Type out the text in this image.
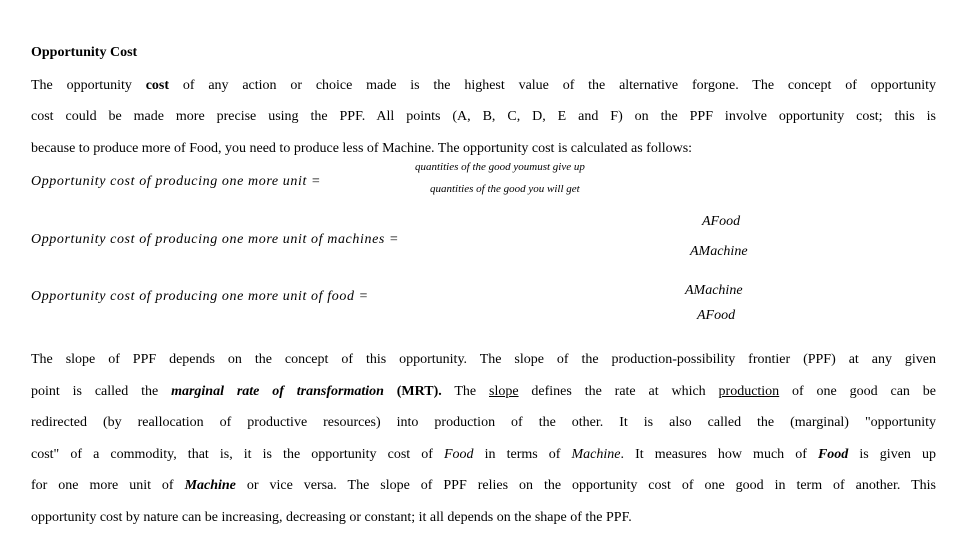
Opportunity Cost
The opportunity cost of any action or choice made is the highest value of the alternative forgone. The concept of opportunity
cost could be made more precise using the PPF. All points (A, B, C, D, E and F) on the PPF involve opportunity cost; this is
because to produce more of Food, you need to produce less of Machine. The opportunity cost is calculated as follows:
Opportunity cost of producing one more unit =
quantities of the good youmust give up
quantities of the good you will get
Opportunity cost of producing one more unit of machines =
AFood
AMachine
Opportunity cost of producing one more unit of food =	AMachine
AFood
The slope of PPF depends on the concept of this opportunity. The slope of the production-possibility frontier (PPF) at any given
point is called the marginal rate of transformation (MRT). The slope defines the rate at which production of one good can be
redirected (by reallocation of productive resources) into production of the other. It is also called the (marginal) "opportunity
cost" of a commodity, that is, it is the opportunity cost of Food in terms of Machine. It measures how much of Food is given up
for one more unit of Machine or vice versa. The slope of PPF relies on the opportunity cost of one good in term of another. This
opportunity cost by nature can be increasing, decreasing or constant; it all depends on the shape of the PPF.
